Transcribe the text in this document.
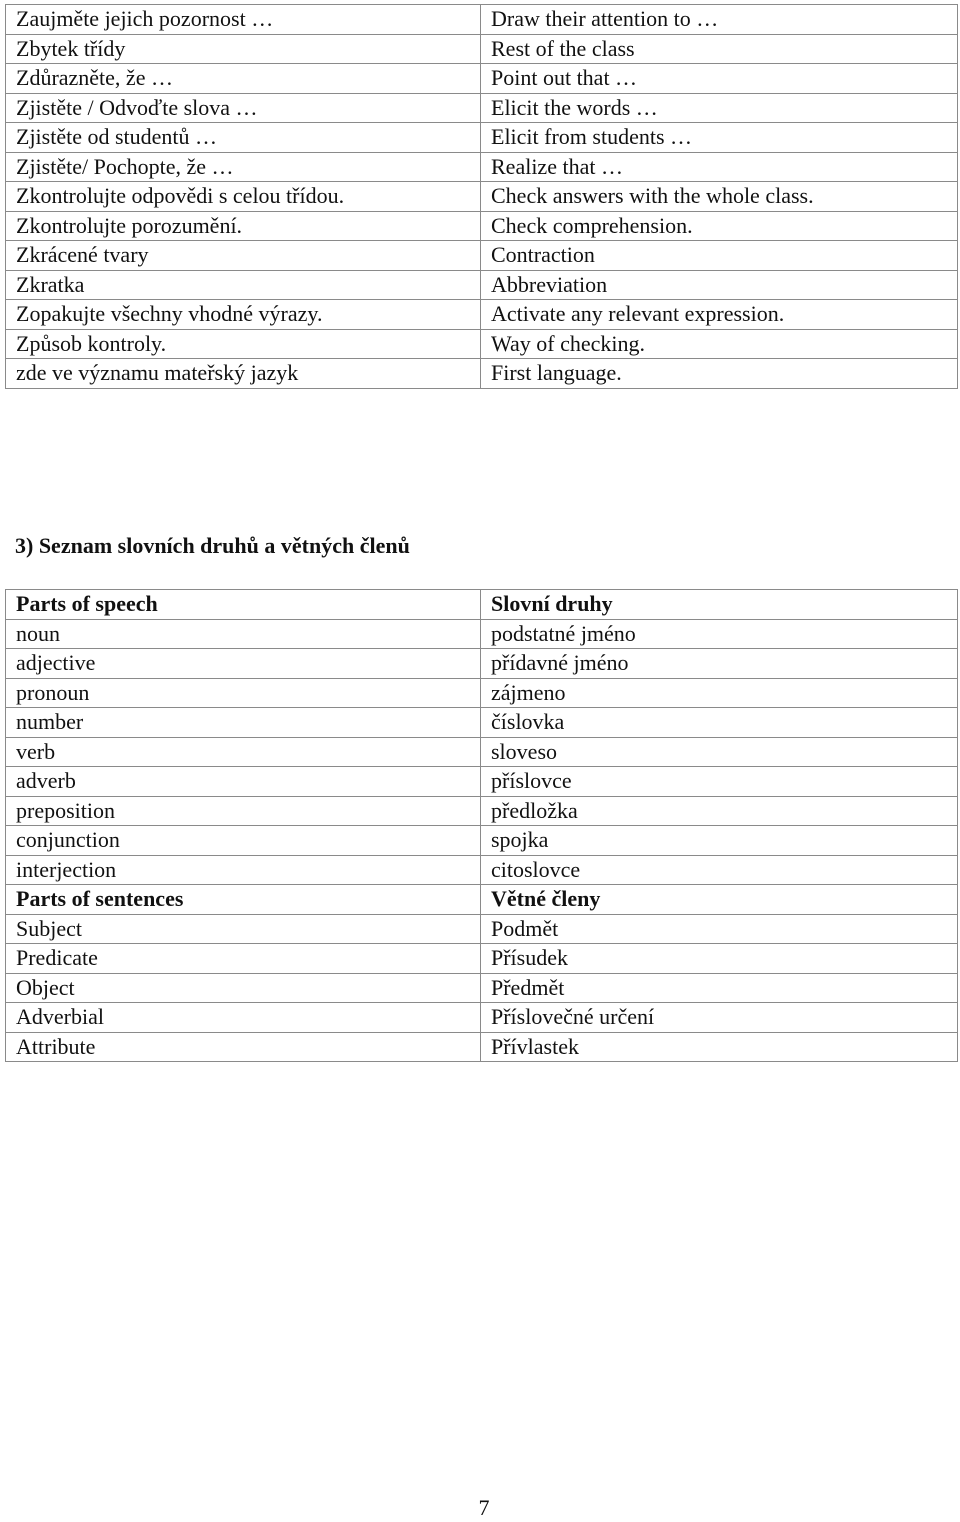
Zaujměte jejich pozornost …	Draw their attention to …
Zbytek třídy	Rest of the class
Zdůrazněte, že …	Point out that …
Zjistěte / Odvoďte slova …	Elicit the words …
Zjistěte od studentů …	Elicit from students …
Zjistěte/ Pochopte, že …	Realize that …
Zkontrolujte odpovědi s celou třídou.	Check answers with the whole class.
Zkontrolujte porozumění.	Check comprehension.
Zkrácené tvary	Contraction
Zkratka	Abbreviation
Zopakujte všechny vhodné výrazy.	Activate any relevant expression.
Způsob kontroly.	Way of checking.
zde ve významu mateřský jazyk	First language.
3) Seznam slovních druhů a větných členů
Parts of speech	Slovní druhy
noun	podstatné jméno
adjective	přídavné jméno
pronoun	zájmeno
number	číslovka
verb	sloveso
adverb	příslovce
preposition	předložka
conjunction	spojka
interjection	citoslovce
Parts of sentences	Větné členy
Subject	Podmět
Predicate	Přísudek
Object	Předmět
Adverbial	Příslovečné určení
Attribute	Přívlastek
7
